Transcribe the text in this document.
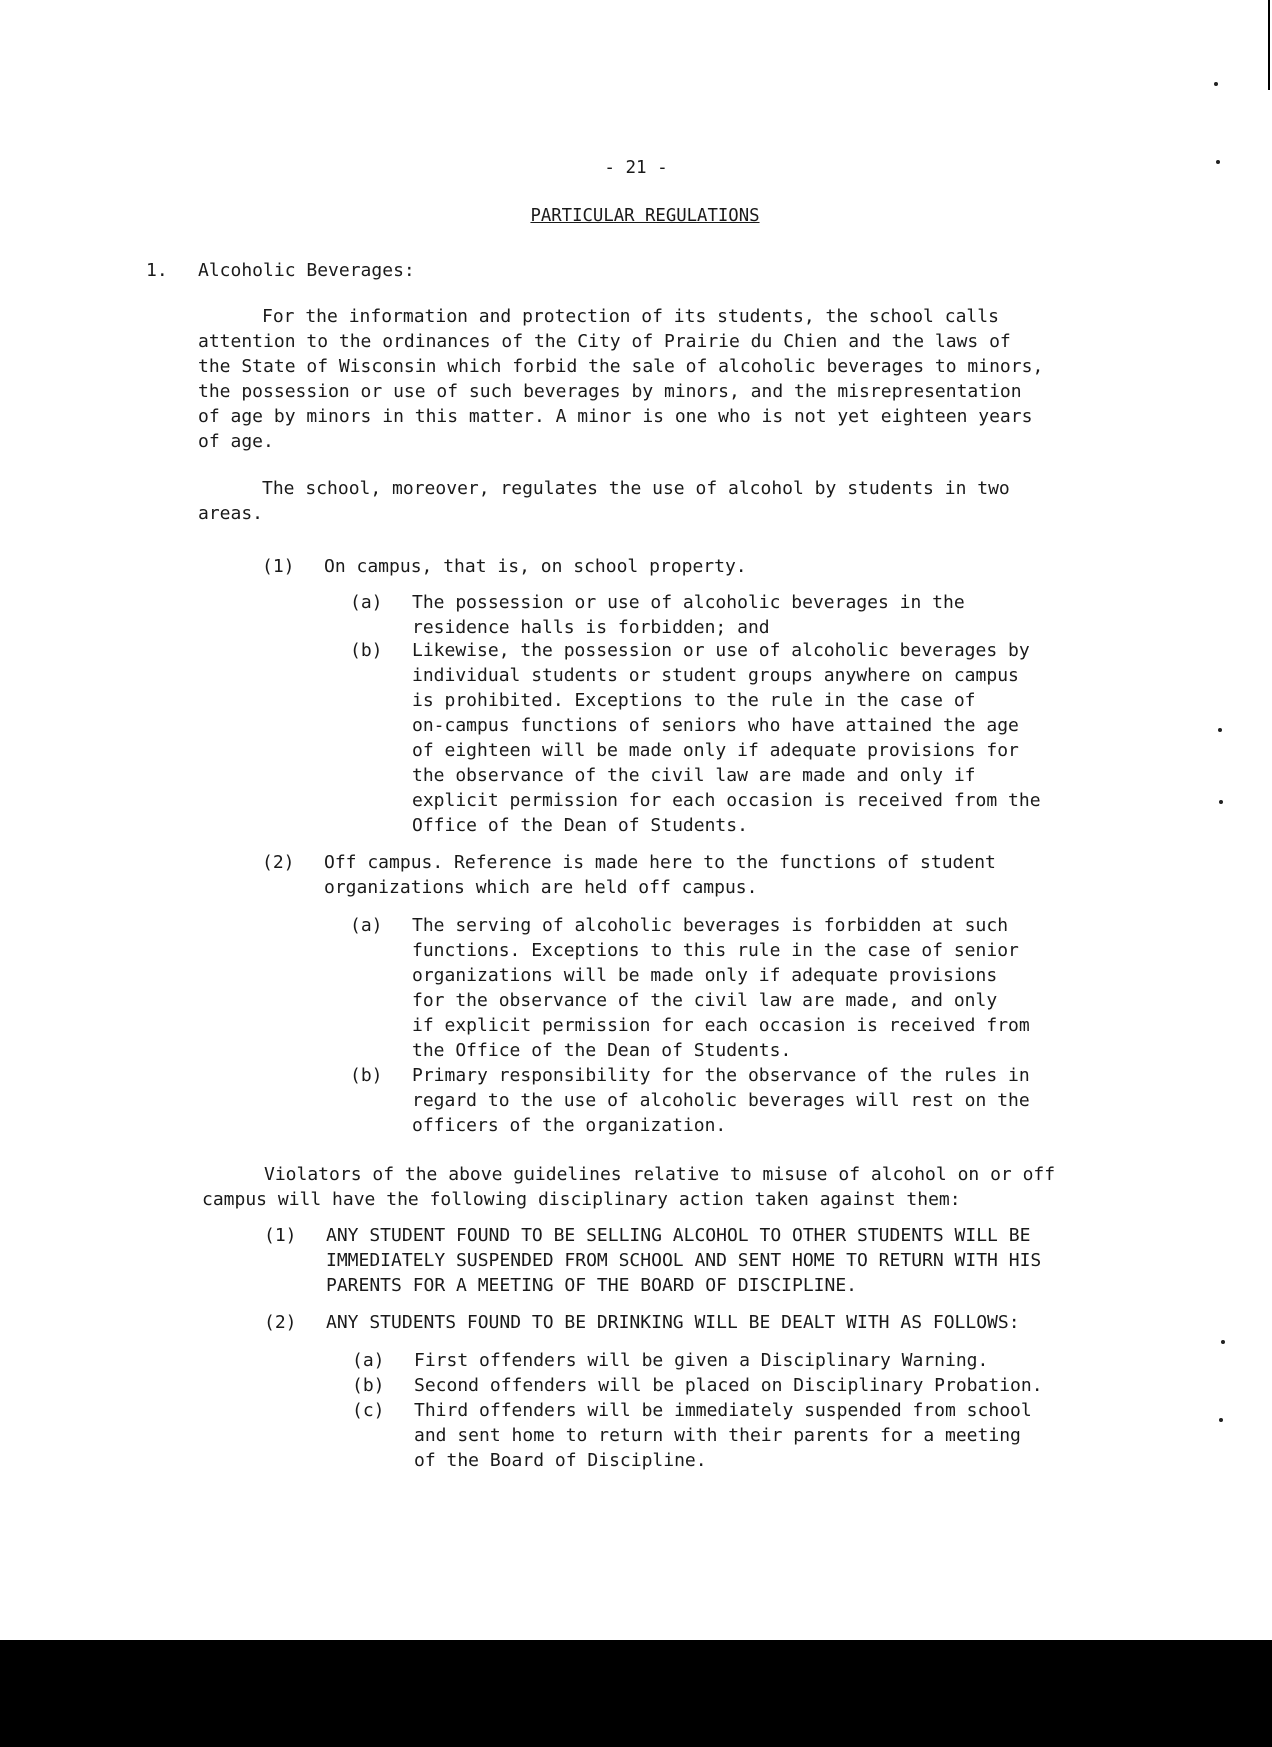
- 21 -
PARTICULAR REGULATIONS
1. Alcoholic Beverages:
For the information and protection of its students, the school calls
attention to the ordinances of the City of Prairie du Chien and the laws of
the State of Wisconsin which forbid the sale of alcoholic beverages to minors,
the possession or use of such beverages by minors, and the misrepresentation
of age by minors in this matter. A minor is one who is not yet eighteen years
of age.
The school, moreover, regulates the use of alcohol by students in two
areas.
(1) On campus, that is, on school property.
(a) The possession or use of alcoholic beverages in the
residence halls is forbidden; and
(b) Likewise, the possession or use of alcoholic beverages by
individual students or student groups anywhere on campus
is prohibited. Exceptions to the rule in the case of
on-campus functions of seniors who have attained the age
of eighteen will be made only if adequate provisions for
the observance of the civil law are made and only if
explicit permission for each occasion is received from the
Office of the Dean of Students.
(2) Off campus. Reference is made here to the functions of student
organizations which are held off campus.
(a) The serving of alcoholic beverages is forbidden at such
functions. Exceptions to this rule in the case of senior
organizations will be made only if adequate provisions
for the observance of the civil law are made, and only
if explicit permission for each occasion is received from
the Office of the Dean of Students.
(b) Primary responsibility for the observance of the rules in
regard to the use of alcoholic beverages will rest on the
officers of the organization.
Violators of the above guidelines relative to misuse of alcohol on or off
campus will have the following disciplinary action taken against them:
(1) ANY STUDENT FOUND TO BE SELLING ALCOHOL TO OTHER STUDENTS WILL BE
IMMEDIATELY SUSPENDED FROM SCHOOL AND SENT HOME TO RETURN WITH HIS
PARENTS FOR A MEETING OF THE BOARD OF DISCIPLINE.
(2) ANY STUDENTS FOUND TO BE DRINKING WILL BE DEALT WITH AS FOLLOWS:
(a) First offenders will be given a Disciplinary Warning.
(b) Second offenders will be placed on Disciplinary Probation.
(c) Third offenders will be immediately suspended from school
and sent home to return with their parents for a meeting
of the Board of Discipline.
